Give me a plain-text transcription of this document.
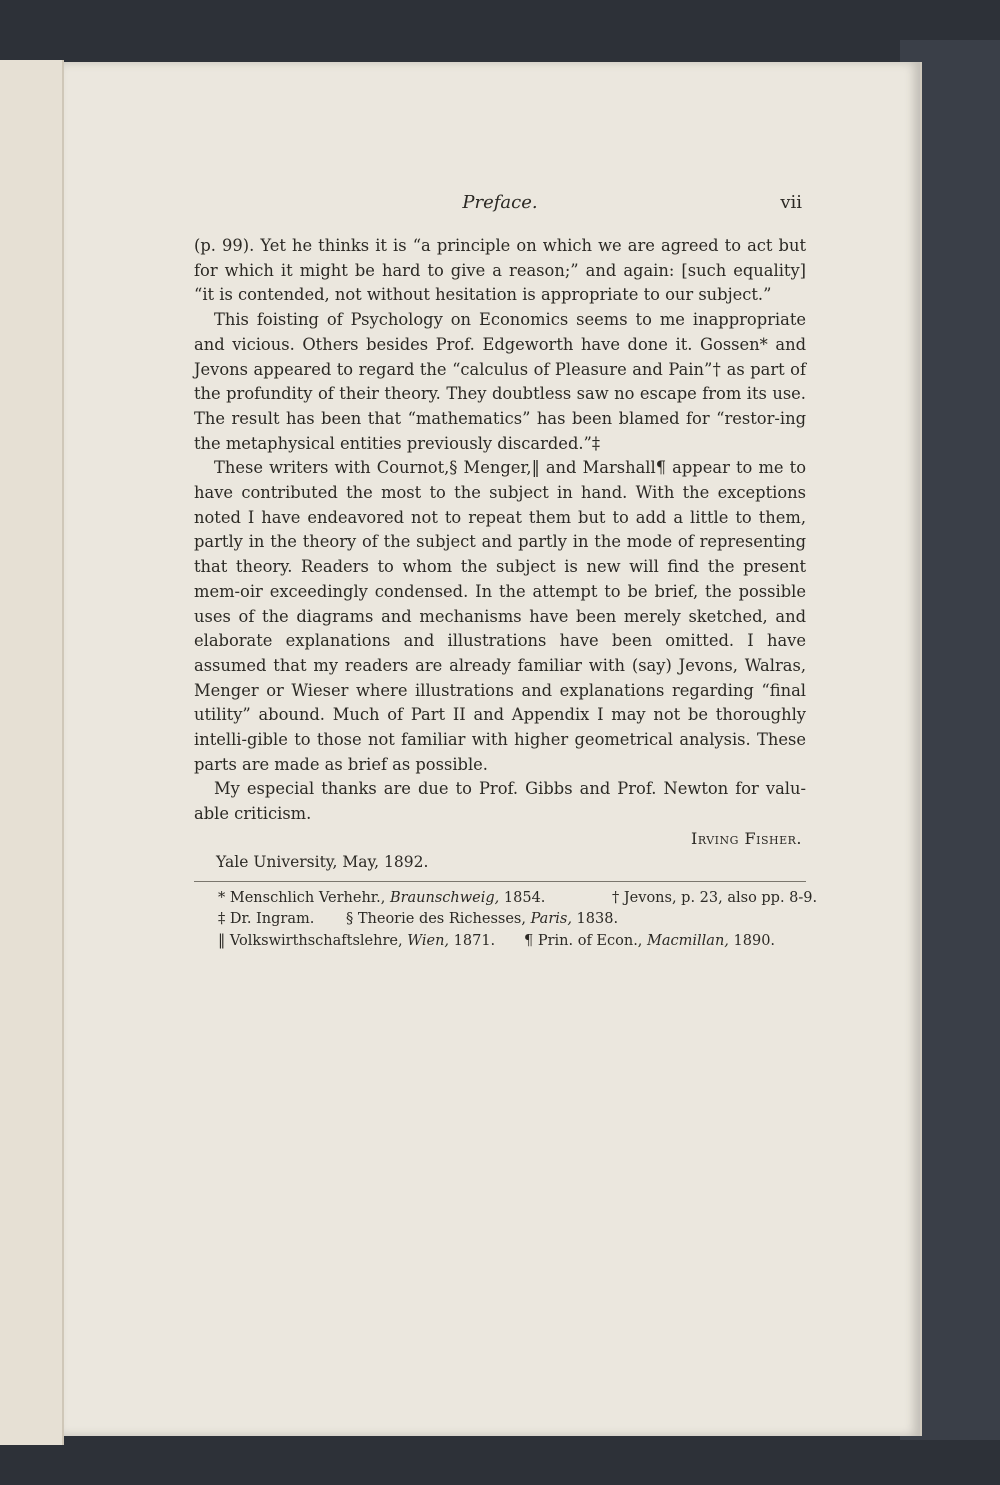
Preface.	vii

(p. 99). Yet he thinks it is “a principle on which we are agreed to act but for which it might be hard to give a reason;” and again: [such equality] “it is contended, not without hesitation is appropriate to our subject.”

This foisting of Psychology on Economics seems to me inappropriate and vicious. Others besides Prof. Edgeworth have done it. Gossen* and Jevons appeared to regard the “calculus of Pleasure and Pain”† as part of the profundity of their theory. They doubtless saw no escape from its use. The result has been that “mathematics” has been blamed for “restor-ing the metaphysical entities previously discarded.”‡

These writers with Cournot,§ Menger,‖ and Marshall¶ appear to me to have contributed the most to the subject in hand. With the exceptions noted I have endeavored not to repeat them but to add a little to them, partly in the theory of the subject and partly in the mode of representing that theory. Readers to whom the subject is new will find the present mem-oir exceedingly condensed. In the attempt to be brief, the possible uses of the diagrams and mechanisms have been merely sketched, and elaborate explanations and illustrations have been omitted. I have assumed that my readers are already familiar with (say) Jevons, Walras, Menger or Wieser where illustrations and explanations regarding “final utility” abound. Much of Part II and Appendix I may not be thoroughly intelli-gible to those not familiar with higher geometrical analysis. These parts are made as brief as possible.

My especial thanks are due to Prof. Gibbs and Prof. Newton for valu-able criticism.

Irving Fisher.
Yale University, May, 1892.
* Menschlich Verhehr., Braunschweig, 1854.	† Jevons, p. 23, also pp. 8-9.
‡ Dr. Ingram. § Theorie des Richesses, Paris, 1838.
‖ Volkswirthschaftslehre, Wien, 1871. ¶ Prin. of Econ., Macmillan, 1890.
